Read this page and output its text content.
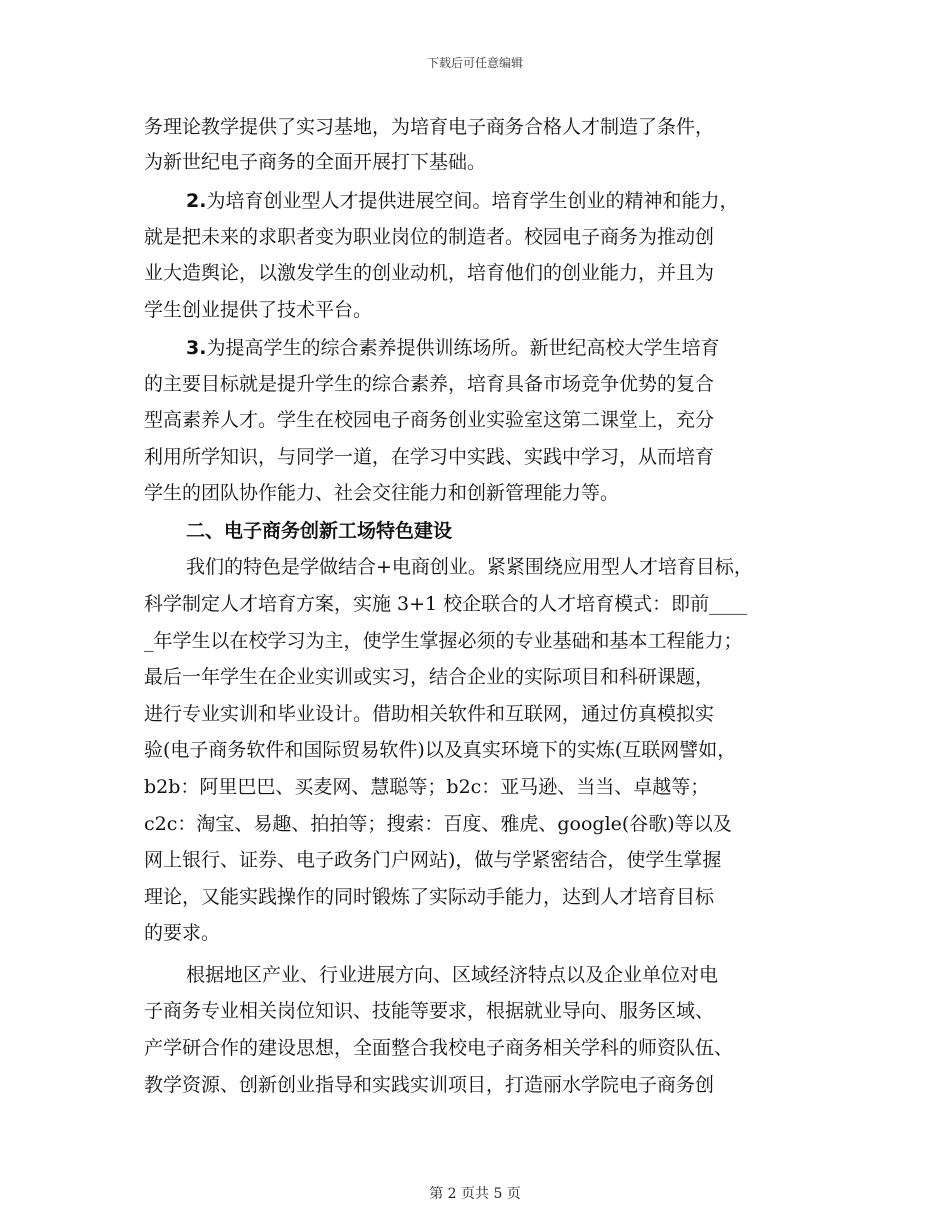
下载后可任意编辑
务理论教学提供了实习基地，为培育电子商务合格人才制造了条件，
为新世纪电子商务的全面开展打下基础。
2.为培育创业型人才提供进展空间。培育学生创业的精神和能力，
就是把未来的求职者变为职业岗位的制造者。校园电子商务为推动创
业大造舆论，以激发学生的创业动机，培育他们的创业能力，并且为
学生创业提供了技术平台。
3.为提高学生的综合素养提供训练场所。新世纪高校大学生培育
的主要目标就是提升学生的综合素养，培育具备市场竞争优势的复合
型高素养人才。学生在校园电子商务创业实验室这第二课堂上，充分
利用所学知识，与同学一道，在学习中实践、实践中学习，从而培育
学生的团队协作能力、社会交往能力和创新管理能力等。
二、电子商务创新工场特色建设
我们的特色是学做结合+电商创业。紧紧围绕应用型人才培育目标，
科学制定人才培育方案，实施 3+1 校企联合的人才培育模式：即前____
_年学生以在校学习为主，使学生掌握必须的专业基础和基本工程能力；
最后一年学生在企业实训或实习，结合企业的实际项目和科研课题，
进行专业实训和毕业设计。借助相关软件和互联网，通过仿真模拟实
验(电子商务软件和国际贸易软件)以及真实环境下的实炼(互联网譬如，
b2b：阿里巴巴、买麦网、慧聪等；b2c：亚马逊、当当、卓越等；
c2c：淘宝、易趣、拍拍等；搜索：百度、雅虎、google(谷歌)等以及
网上银行、证券、电子政务门户网站)，做与学紧密结合，使学生掌握
理论，又能实践操作的同时锻炼了实际动手能力，达到人才培育目标
的要求。
根据地区产业、行业进展方向、区域经济特点以及企业单位对电
子商务专业相关岗位知识、技能等要求，根据就业导向、服务区域、
产学研合作的建设思想，全面整合我校电子商务相关学科的师资队伍、
教学资源、创新创业指导和实践实训项目，打造丽水学院电子商务创
第 2 页共 5 页
